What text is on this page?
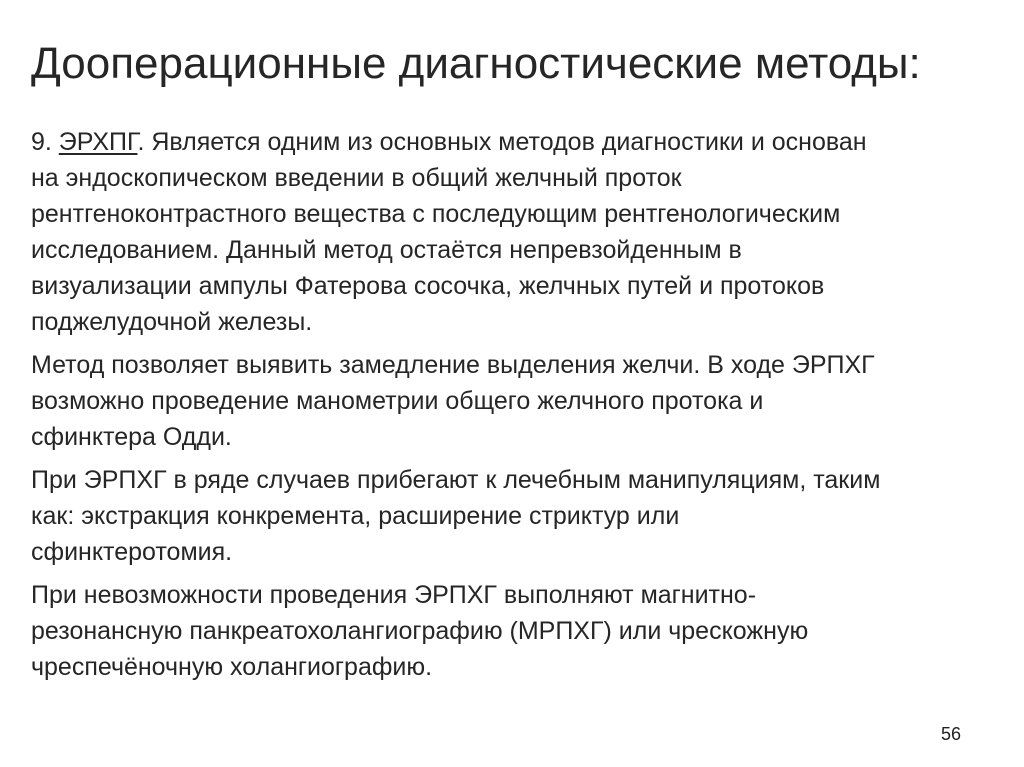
Дооперационные диагностические методы:

9. ЭРХПГ. Является одним из основных методов диагностики и основан
на эндоскопическом введении в общий желчный проток
рентгеноконтрастного вещества с последующим рентгенологическим
исследованием. Данный метод остаётся непревзойденным в
визуализации ампулы Фатерова сосочка, желчных путей и протоков
поджелудочной железы.

Метод позволяет выявить замедление выделения желчи. В ходе ЭРПХГ
возможно проведение манометрии общего желчного протока и
сфинктера Одди.

При ЭРПХГ в ряде случаев прибегают к лечебным манипуляциям, таким
как: экстракция конкремента, расширение стриктур или
сфинктеротомия.

При невозможности проведения ЭРПХГ выполняют магнитно-
резонансную панкреатохолангиографию (МРПХГ) или чрескожную
чреспечёночную холангиографию.

56
